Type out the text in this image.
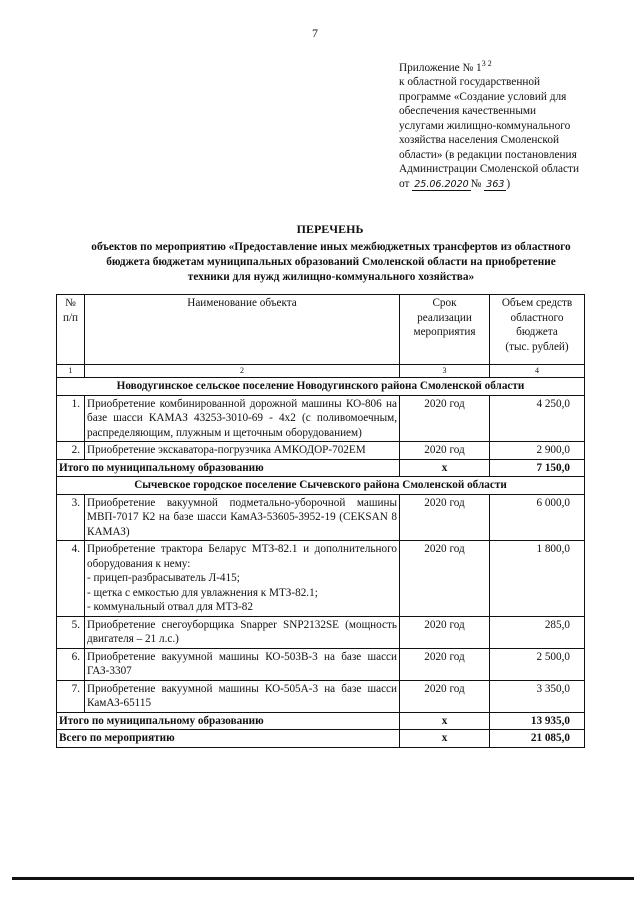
7
Приложение № $1^{3 2}$
к областной государственной
программе «Создание условий для
обеспечения качественными
услугами жилищно-коммунального
хозяйства населения Смоленской
области» (в редакции постановления
Администрации Смоленской области
от 25.06.2020 № 363 )
ПЕРЕЧЕНЬ
объектов по мероприятию «Предоставление иных межбюджетных трансфертов из областного
бюджета бюджетам муниципальных образований Смоленской области на приобретение
техники для нужд жилищно-коммунального хозяйства»
№
п/п	Наименование объекта	Срок
реализации
мероприятия	Объем средств
областного
бюджета
(тыс. рублей)
1	2	3	4
Новодугинское сельское поселение Новодугинского района Смоленской области			
1.	Приобретение комбинированной дорожной машины КО-806 на базе шасси КАМАЗ 43253-3010-69 - 4х2 (с поливомоечным, распределяющим, плужным и щеточным оборудованием)	2020 год	4 250,0
2.	Приобретение экскаватора-погрузчика АМКОДОР-702ЕМ	2020 год	2 900,0
Итого по муниципальному образованию		х	7 150,0
Сычевское городское поселение Сычевского района Смоленской области			
3.	Приобретение вакуумной подметально-уборочной машины МВП-7017 К2 на базе шасси КамАЗ-53605-3952-19 (CEKSAN 8 КАМАЗ)	2020 год	6 000,0
4.	Приобретение трактора Беларус МТЗ-82.1 и дополнительного оборудования к нему:
- прицеп-разбрасыватель Л-415;
- щетка с емкостью для увлажнения к МТЗ-82.1;
- коммунальный отвал для МТЗ-82	2020 год	1 800,0
5.	Приобретение снегоуборщика Snapper SNP2132SE (мощность двигателя – 21 л.с.)	2020 год	285,0
6.	Приобретение вакуумной машины КО-503В-3 на базе шасси ГАЗ-3307	2020 год	2 500,0
7.	Приобретение вакуумной машины КО-505А-3 на базе шасси КамАЗ-65115	2020 год	3 350,0
Итого по муниципальному образованию		х	13 935,0
Всего по мероприятию		х	21 085,0
